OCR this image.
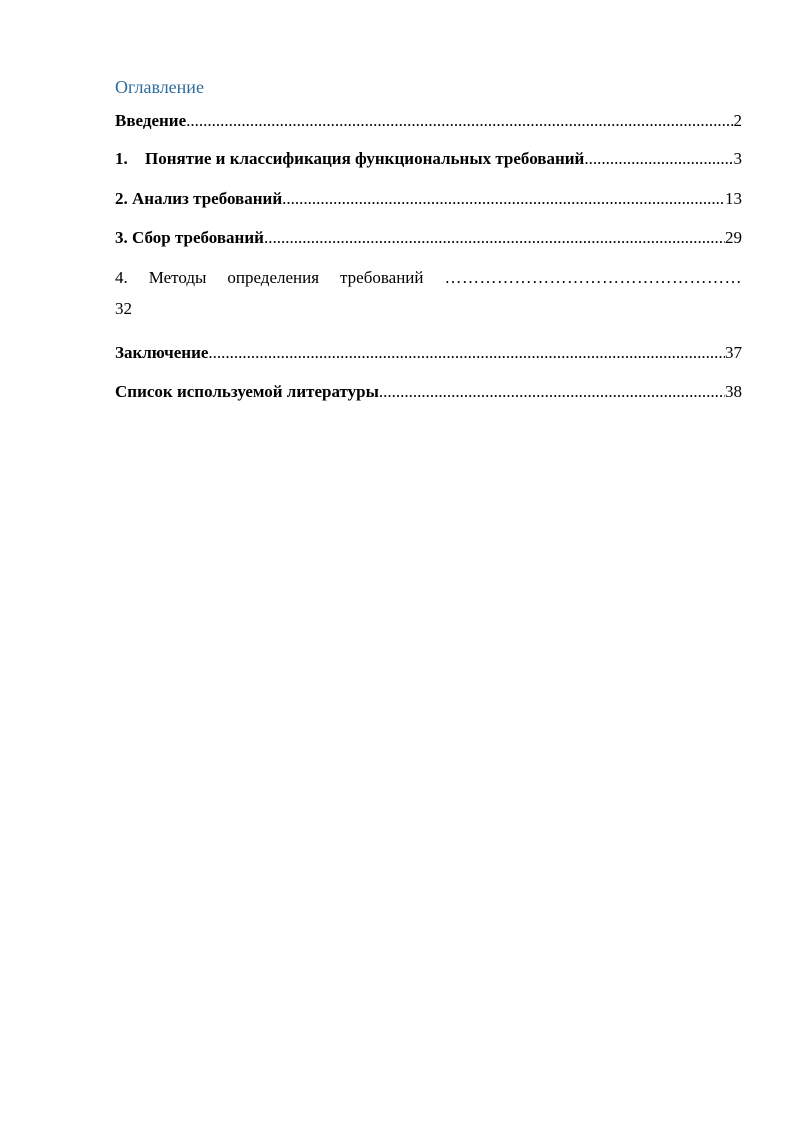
Оглавление
Введение .....	2
1. Понятие и классификация функциональных требований .....	3
2. Анализ требований .....	13
3. Сбор требований .....	29
4. Методы определения требований ……………………………………………
32
Заключение .....	37
Список используемой литературы .....	38
